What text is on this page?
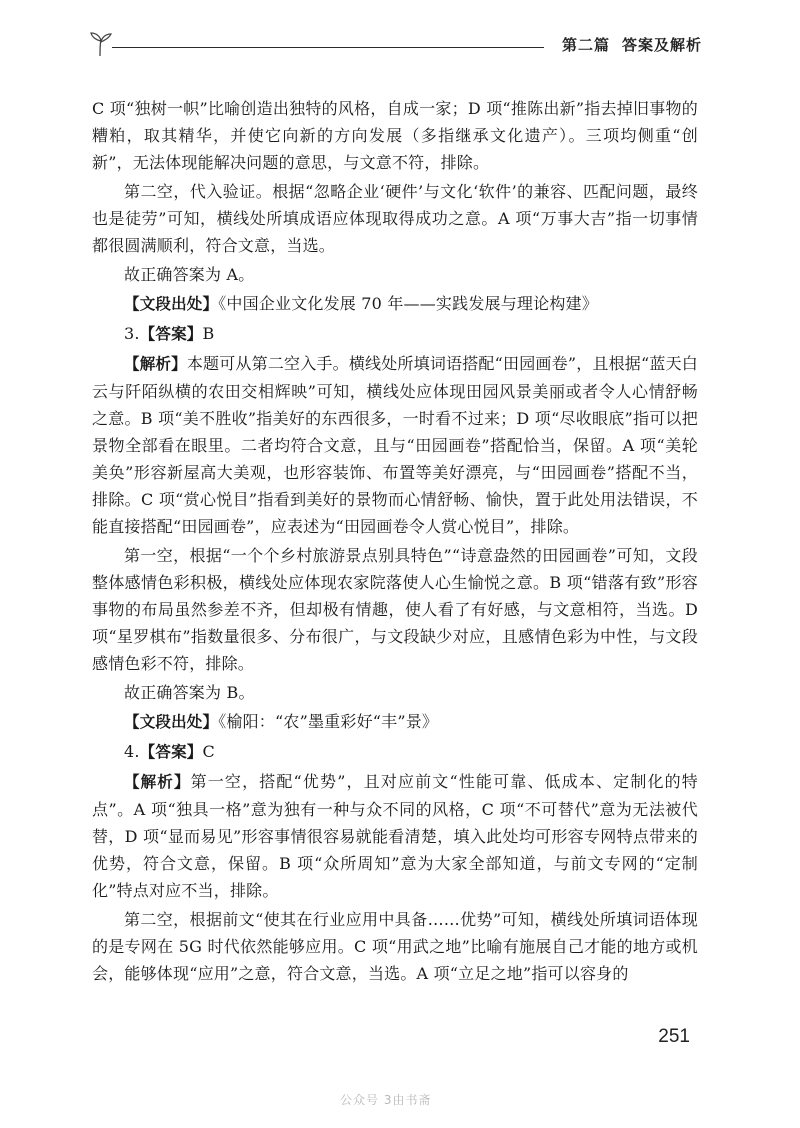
第二篇 答案及解析

C 项“独树一帜”比喻创造出独特的风格，自成一家；D 项“推陈出新”指去掉旧事物的糟粕，取其精华，并使它向新的方向发展（多指继承文化遗产）。三项均侧重“创新”，无法体现能解决问题的意思，与文意不符，排除。

第二空，代入验证。根据“忽略企业‘硬件’与文化‘软件’的兼容、匹配问题，最终也是徒劳”可知，横线处所填成语应体现取得成功之意。A 项“万事大吉”指一切事情都很圆满顺利，符合文意，当选。

故正确答案为 A。

【文段出处】《中国企业文化发展 70 年——实践发展与理论构建》

3.【答案】B

【解析】本题可从第二空入手。横线处所填词语搭配“田园画卷”，且根据“蓝天白云与阡陌纵横的农田交相辉映”可知，横线处应体现田园风景美丽或者令人心情舒畅之意。B 项“美不胜收”指美好的东西很多，一时看不过来；D 项“尽收眼底”指可以把景物全部看在眼里。二者均符合文意，且与“田园画卷”搭配恰当，保留。A 项“美轮美奂”形容新屋高大美观，也形容装饰、布置等美好漂亮，与“田园画卷”搭配不当，排除。C 项“赏心悦目”指看到美好的景物而心情舒畅、愉快，置于此处用法错误，不能直接搭配“田园画卷”，应表述为“田园画卷令人赏心悦目”，排除。

第一空，根据“一个个乡村旅游景点别具特色”“诗意盎然的田园画卷”可知，文段整体感情色彩积极，横线处应体现农家院落使人心生愉悦之意。B 项“错落有致”形容事物的布局虽然参差不齐，但却极有情趣，使人看了有好感，与文意相符，当选。D 项“星罗棋布”指数量很多、分布很广，与文段缺少对应，且感情色彩为中性，与文段感情色彩不符，排除。

故正确答案为 B。

【文段出处】《榆阳：“农”墨重彩好“丰”景》

4.【答案】C

【解析】第一空，搭配“优势”，且对应前文“性能可靠、低成本、定制化的特点”。A 项“独具一格”意为独有一种与众不同的风格，C 项“不可替代”意为无法被代替，D 项“显而易见”形容事情很容易就能看清楚，填入此处均可形容专网特点带来的优势，符合文意，保留。B 项“众所周知”意为大家全部知道，与前文专网的“定制化”特点对应不当，排除。

第二空，根据前文“使其在行业应用中具备……优势”可知，横线处所填词语体现的是专网在 5G 时代依然能够应用。C 项“用武之地”比喻有施展自己才能的地方或机会，能够体现“应用”之意，符合文意，当选。A 项“立足之地”指可以容身的

251
公众号 3由书斋
